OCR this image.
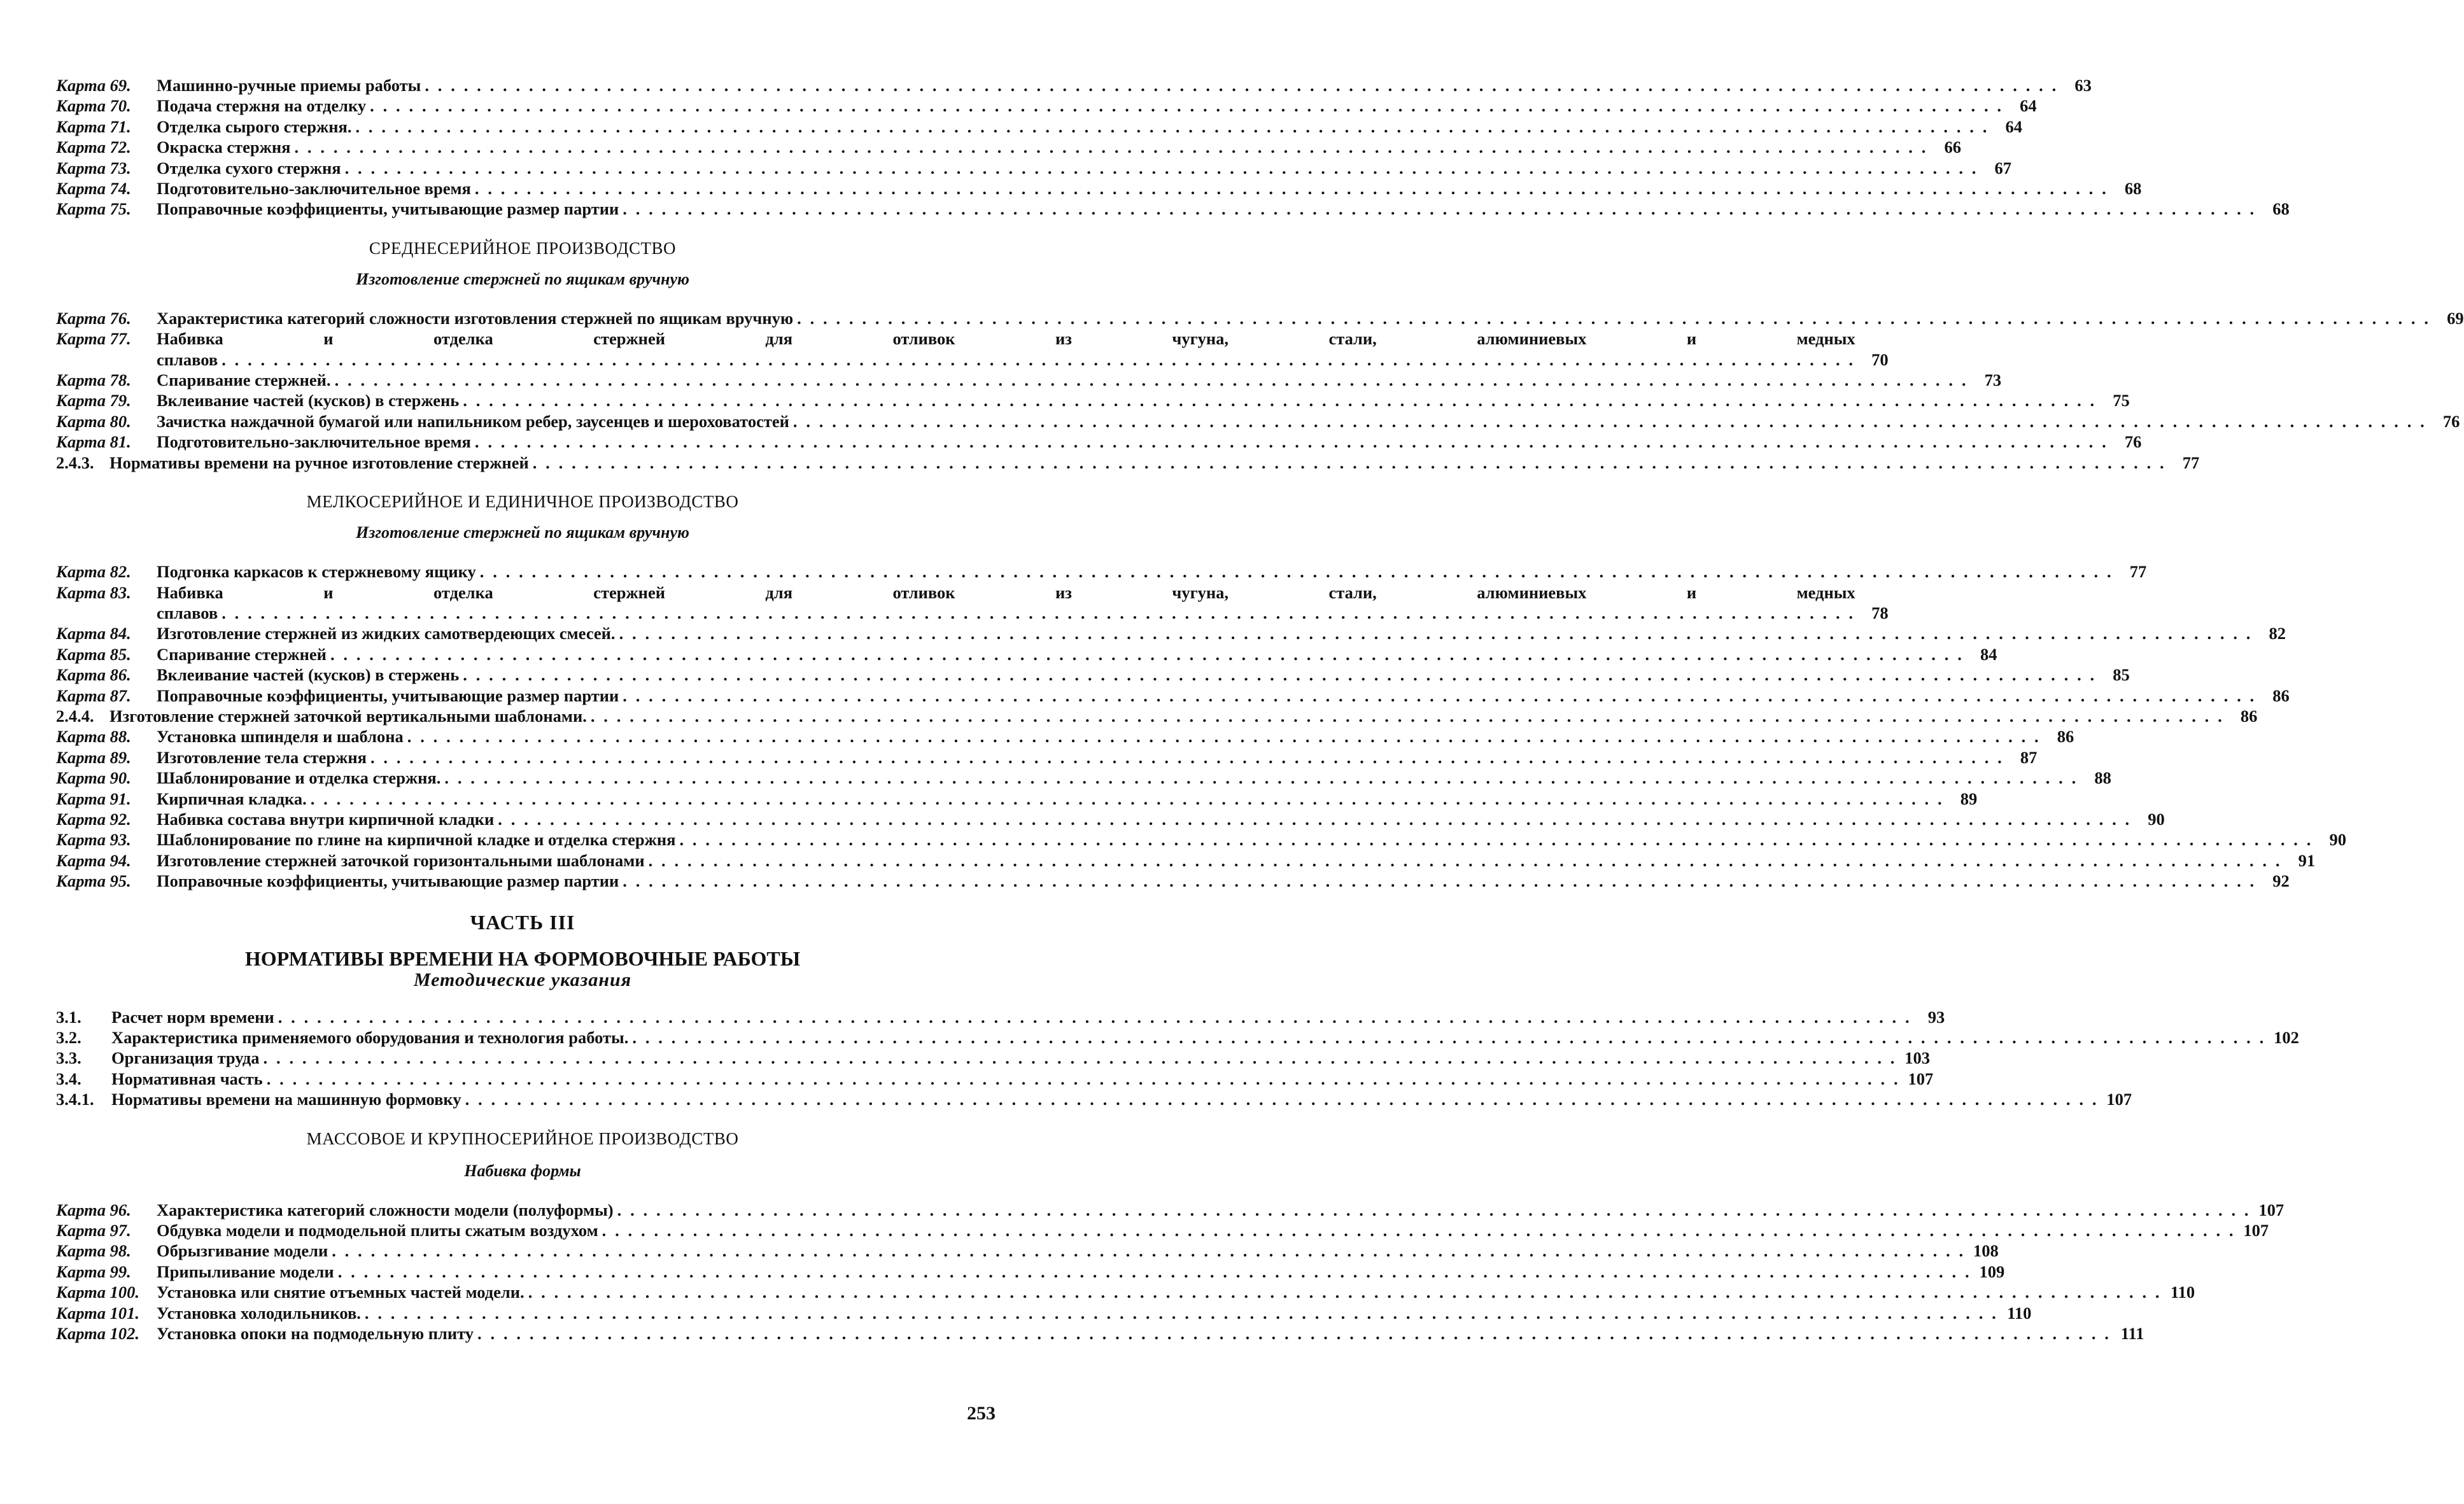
Карта 69.	Машинно-ручные приемы работы . . .	63
Карта 70.	Подача стержня на отделку . . .	64
Карта 71.	Отделка сырого стержня. . . .	64
Карта 72.	Окраска стержня . . .	66
Карта 73.	Отделка сухого стержня . . .	67
Карта 74.	Подготовительно-заключительное время . . .	68
Карта 75.	Поправочные коэффициенты, учитывающие размер партии . . .	68
СРЕДНЕСЕРИЙНОЕ ПРОИЗВОДСТВО
Изготовление стержней по ящикам вручную
Карта 76.	Характеристика категорий сложности изготовления стержней по ящикам вручную . . .	69
Карта 77.	Набивка и отделка стержней для отливок из чугуна, стали, алюминиевых и медных
сплавов . . .	70
Карта 78.	Спаривание стержней. . . .	73
Карта 79.	Вклеивание частей (кусков) в стержень . . .	75
Карта 80.	Зачистка наждачной бумагой или напильником ребер, заусенцев и шероховатостей . . .	76
Карта 81.	Подготовительно-заключительное время . . .	76
2.4.3. Нормативы времени на ручное изготовление стержней . . .	77
МЕЛКОСЕРИЙНОЕ И ЕДИНИЧНОЕ ПРОИЗВОДСТВО
Изготовление стержней по ящикам вручную
Карта 82.	Подгонка каркасов к стержневому ящику . . .	77
Карта 83.	Набивка и отделка стержней для отливок из чугуна, стали, алюминиевых и медных
сплавов . . .	78
Карта 84.	Изготовление стержней из жидких самотвердеющих смесей. . . .	82
Карта 85.	Спаривание стержней . . .	84
Карта 86.	Вклеивание частей (кусков) в стержень . . .	85
Карта 87.	Поправочные коэффициенты, учитывающие размер партии . . .	86
2.4.4. Изготовление стержней заточкой вертикальными шаблонами. . . .	86
Карта 88.	Установка шпинделя и шаблона . . .	86
Карта 89.	Изготовление тела стержня . . .	87
Карта 90.	Шаблонирование и отделка стержня. . . .	88
Карта 91.	Кирпичная кладка. . . .	89
Карта 92.	Набивка состава внутри кирпичной кладки . . .	90
Карта 93.	Шаблонирование по глине на кирпичной кладке и отделка стержня . . .	90
Карта 94.	Изготовление стержней заточкой горизонтальными шаблонами . . .	91
Карта 95.	Поправочные коэффициенты, учитывающие размер партии . . .	92
ЧАСТЬ III
НОРМАТИВЫ ВРЕМЕНИ НА ФОРМОВОЧНЫЕ РАБОТЫ
Методические указания
3.1.	Расчет норм времени . . .	93
3.2.	Характеристика применяемого оборудования и технология работы. . . .	102
3.3.	Организация труда . . .	103
3.4.	Нормативная часть . . .	107
3.4.1.	Нормативы времени на машинную формовку . . .	107
МАССОВОЕ И КРУПНОСЕРИЙНОЕ ПРОИЗВОДСТВО
Набивка формы
Карта 96.	Характеристика категорий сложности модели (полуформы) . . .	107
Карта 97.	Обдувка модели и подмодельной плиты сжатым воздухом . . .	107
Карта 98.	Обрызгивание модели . . .	108
Карта 99.	Припыливание модели . . .	109
Карта 100.	Установка или снятие отъемных частей модели. . . .	110
Карта 101.	Установка холодильников. . . .	110
Карта 102.	Установка опоки на подмодельную плиту . . .	111
253
